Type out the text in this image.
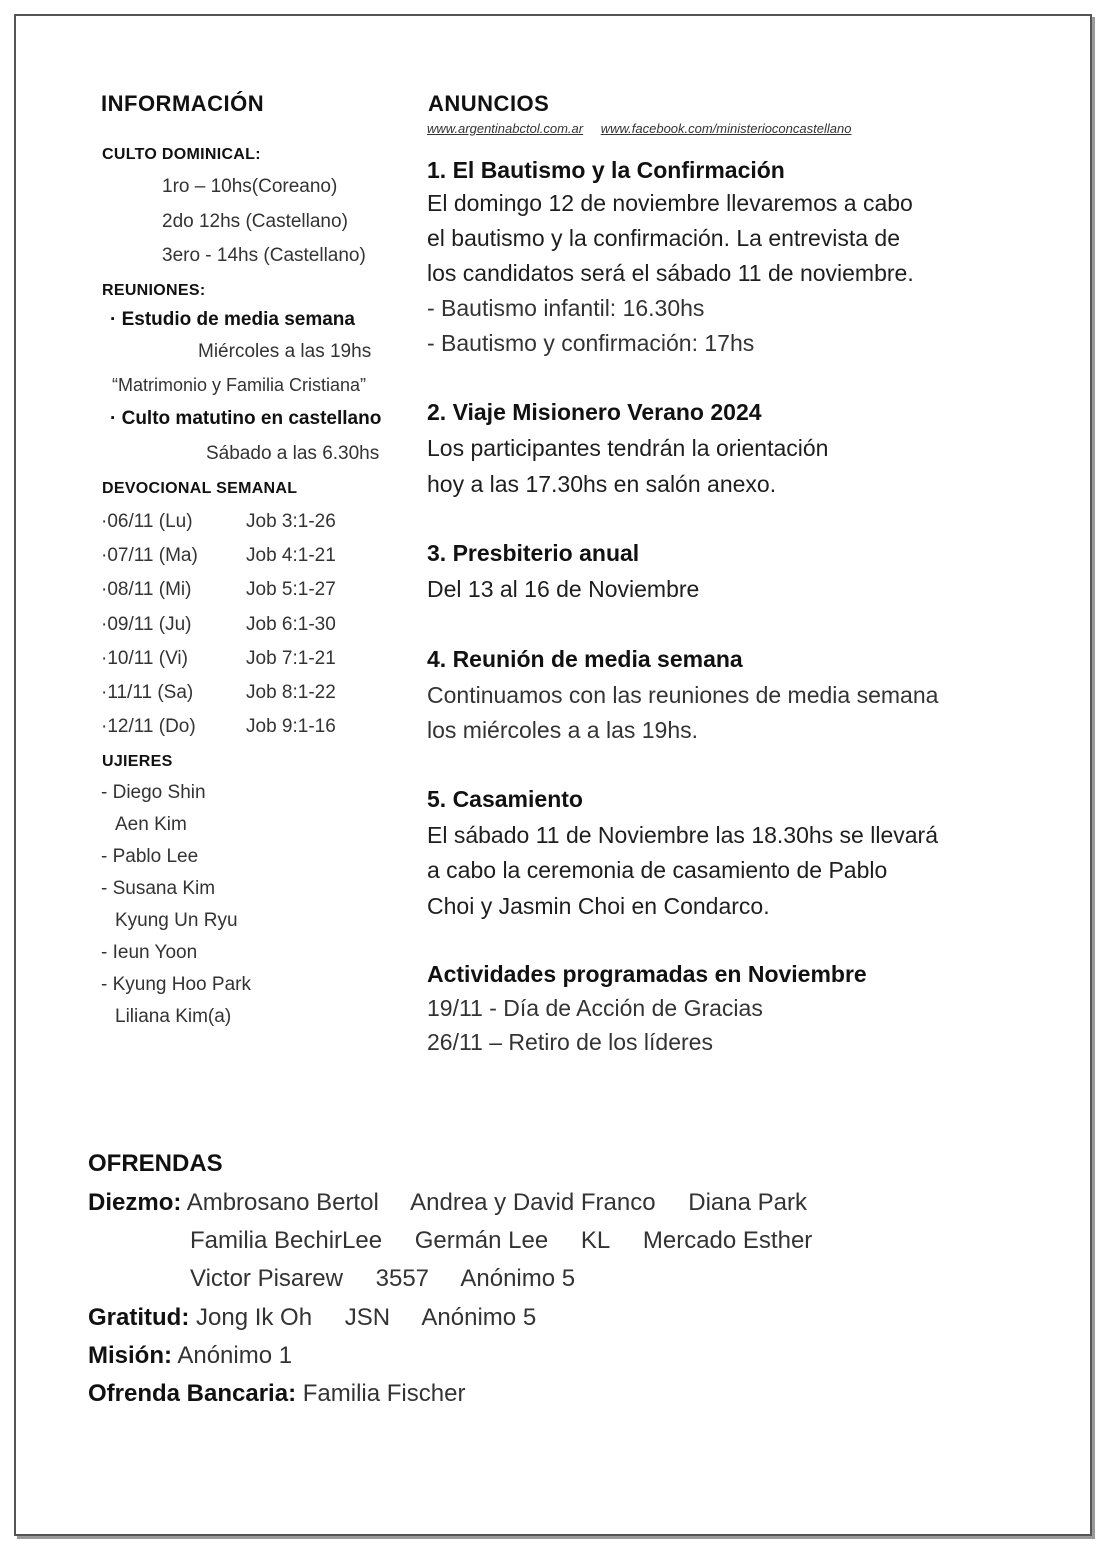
INFORMACIÓN
CULTO DOMINICAL:
1ro – 10hs(Coreano)
2do 12hs (Castellano)
3ero - 14hs (Castellano)
REUNIONES:
· Estudio de media semana
Miércoles a las 19hs
“Matrimonio y Familia Cristiana”
· Culto matutino en castellano
Sábado a las 6.30hs
DEVOCIONAL SEMANAL
·06/11 (Lu)	Job 3:1-26
·07/11 (Ma)	Job 4:1-21
·08/11 (Mi)	Job 5:1-27
·09/11 (Ju)	Job 6:1-30
·10/11 (Vi)	Job 7:1-21
·11/11 (Sa)	Job 8:1-22
·12/11 (Do)	Job 9:1-16
UJIERES
- Diego Shin
Aen Kim
- Pablo Lee
- Susana Kim
Kyung Un Ryu
- Ieun Yoon
- Kyung Hoo Park
Liliana Kim(a)
ANUNCIOS
www.argentinabctol.com.ar www.facebook.com/ministerioconcastellano
1. El Bautismo y la Confirmación
El domingo 12 de noviembre llevaremos a cabo
el bautismo y la confirmación. La entrevista de
los candidatos será el sábado 11 de noviembre.
- Bautismo infantil: 16.30hs
- Bautismo y confirmación: 17hs
2. Viaje Misionero Verano 2024
Los participantes tendrán la orientación
hoy a las 17.30hs en salón anexo.
3. Presbiterio anual
Del 13 al 16 de Noviembre
4. Reunión de media semana
Continuamos con las reuniones de media semana
los miércoles a a las 19hs.
5. Casamiento
El sábado 11 de Noviembre las 18.30hs se llevará
a cabo la ceremonia de casamiento de Pablo
Choi y Jasmin Choi en Condarco.
Actividades programadas en Noviembre
19/11 - Día de Acción de Gracias
26/11 – Retiro de los líderes
OFRENDAS
Diezmo: Ambrosano Bertol Andrea y David Franco Diana Park
Familia BechirLee Germán Lee KL Mercado Esther
Victor Pisarew 3557 Anónimo 5
Gratitud: Jong Ik Oh JSN Anónimo 5
Misión: Anónimo 1
Ofrenda Bancaria: Familia Fischer
